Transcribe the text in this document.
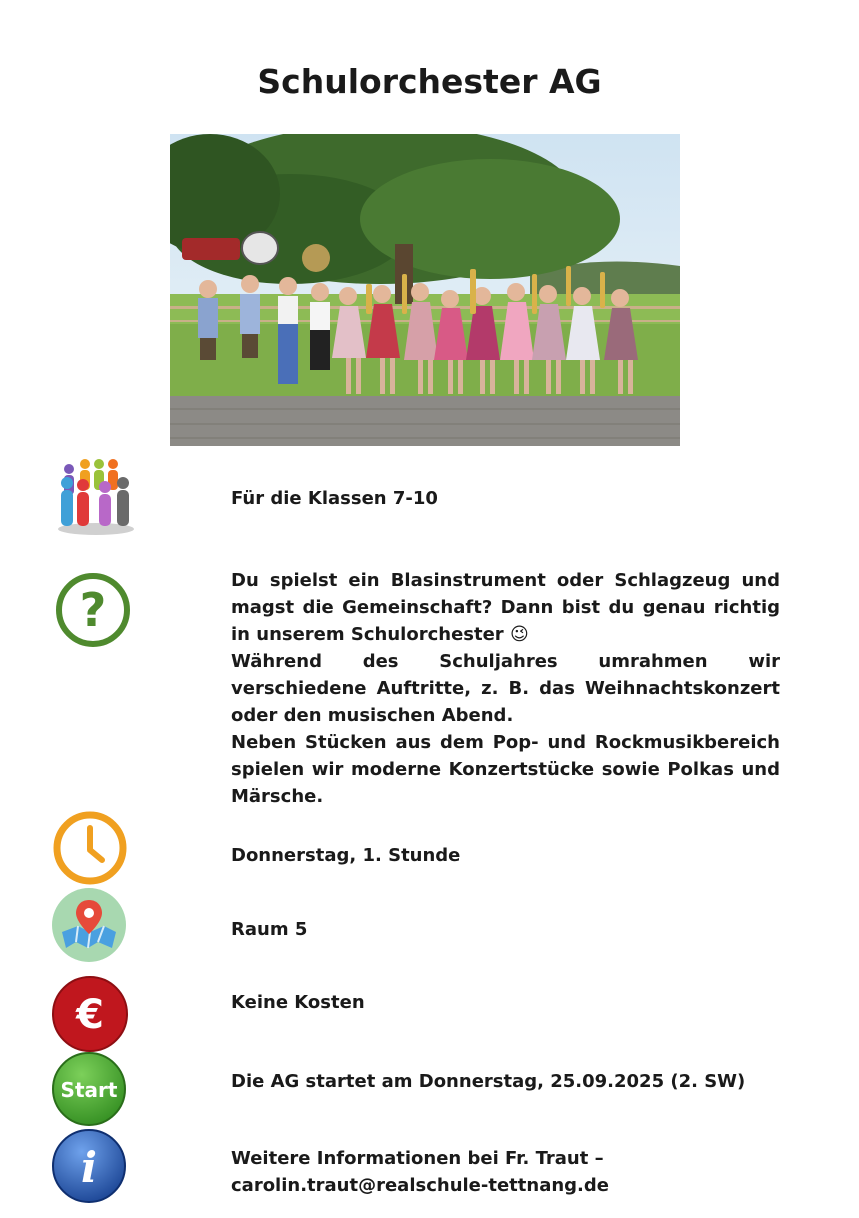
Schulorchester AG
Für die Klassen 7-10
?

Du spielst ein Blasinstrument oder Schlagzeug und magst die Gemeinschaft? Dann bist du genau richtig in unserem Schulorchester 😉

Während des Schuljahres umrahmen wir verschiedene Auftritte, z. B. das Weihnachtskonzert oder den musischen Abend.

Neben Stücken aus dem Pop- und Rockmusikbereich spielen wir moderne Konzertstücke sowie Polkas und Märsche.

Donnerstag, 1. Stunde
Raum 5
€	Keine Kosten
Start	Die AG startet am Donnerstag, 25.09.2025 (2. SW)
i	Weitere Informationen bei Fr. Traut –
carolin.traut@realschule-tettnang.de
